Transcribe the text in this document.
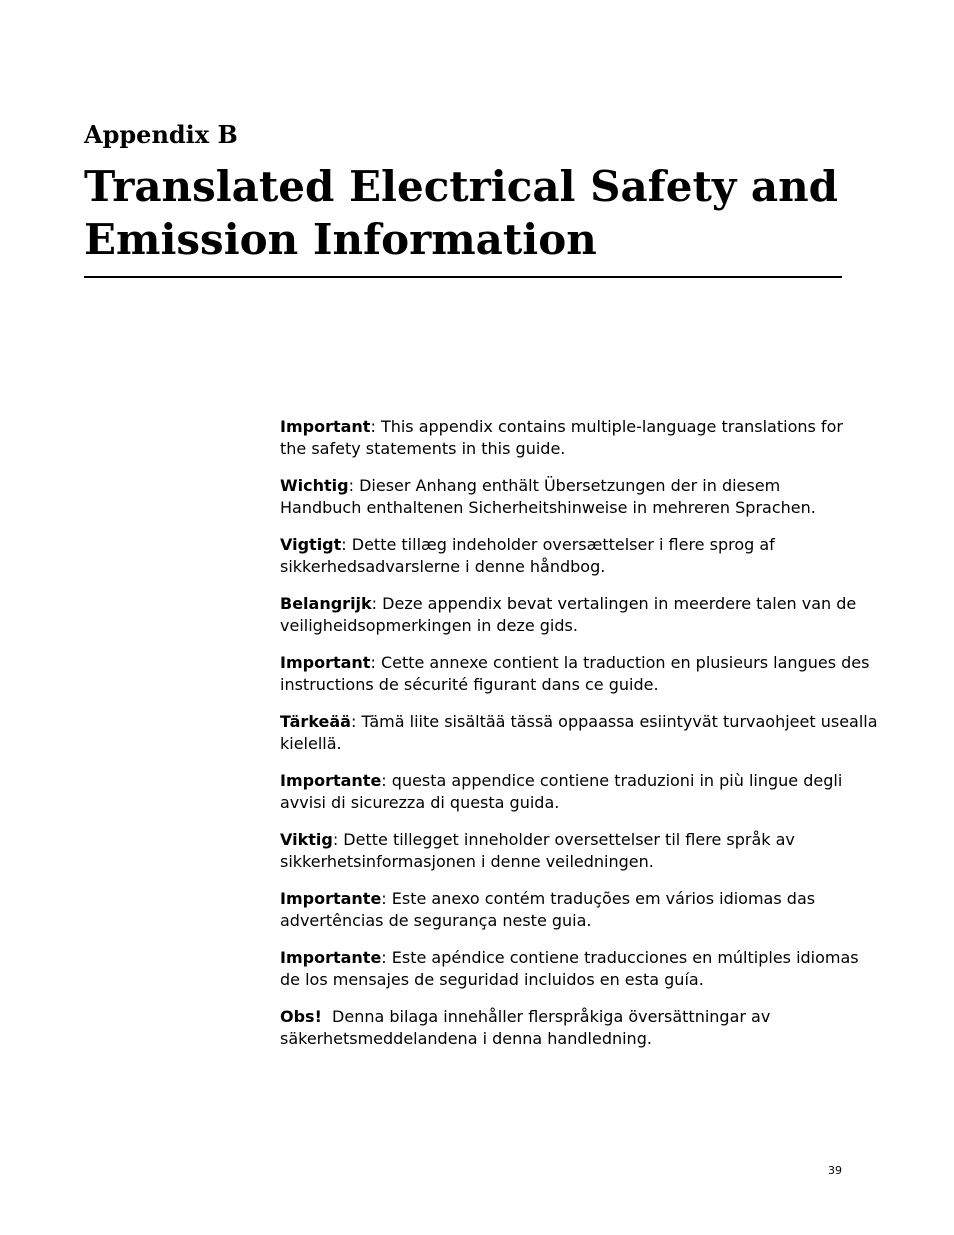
Appendix B
Translated Electrical Safety and
Emission Information

Important: This appendix contains multiple-language translations for
the safety statements in this guide.

Wichtig: Dieser Anhang enthält Übersetzungen der in diesem
Handbuch enthaltenen Sicherheitshinweise in mehreren Sprachen.

Vigtigt: Dette tillæg indeholder oversættelser i flere sprog af
sikkerhedsadvarslerne i denne håndbog.

Belangrijk: Deze appendix bevat vertalingen in meerdere talen van de
veiligheidsopmerkingen in deze gids.

Important: Cette annexe contient la traduction en plusieurs langues des
instructions de sécurité figurant dans ce guide.

Tärkeää: Tämä liite sisältää tässä oppaassa esiintyvät turvaohjeet usealla
kielellä.

Importante: questa appendice contiene traduzioni in più lingue degli
avvisi di sicurezza di questa guida.

Viktig: Dette tillegget inneholder oversettelser til flere språk av
sikkerhetsinformasjonen i denne veiledningen.

Importante: Este anexo contém traduções em vários idiomas das
advertências de segurança neste guia.

Importante: Este apéndice contiene traducciones en múltiples idiomas
de los mensajes de seguridad incluidos en esta guía.

Obs! Denna bilaga innehåller flerspråkiga översättningar av
säkerhetsmeddelandena i denna handledning.

39
